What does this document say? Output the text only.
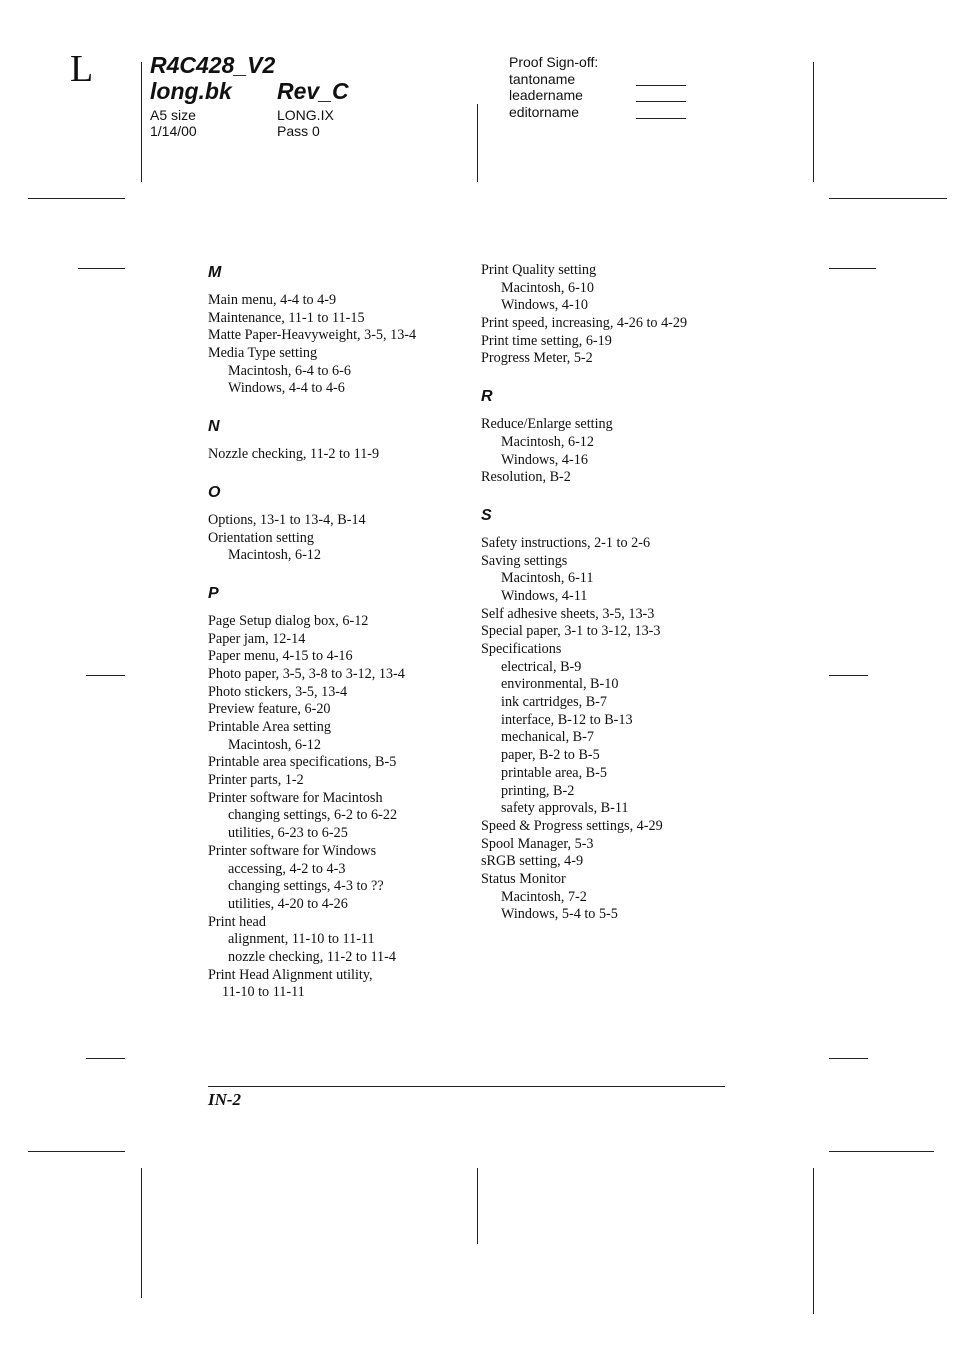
L R4C428_V2
long.bk Rev_C
A5 size
1/14/00
LONG.IX
Pass 0
Proof Sign-off:
tantoname
leadername
editorname
M
Main menu, 4-4 to 4-9
Maintenance, 11-1 to 11-15
Matte Paper-Heavyweight, 3-5, 13-4
Media Type setting
Macintosh, 6-4 to 6-6
Windows, 4-4 to 4-6
N
Nozzle checking, 11-2 to 11-9
O
Options, 13-1 to 13-4, B-14
Orientation setting
Macintosh, 6-12
P
Page Setup dialog box, 6-12
Paper jam, 12-14
Paper menu, 4-15 to 4-16
Photo paper, 3-5, 3-8 to 3-12, 13-4
Photo stickers, 3-5, 13-4
Preview feature, 6-20
Printable Area setting
Macintosh, 6-12
Printable area specifications, B-5
Printer parts, 1-2
Printer software for Macintosh
changing settings, 6-2 to 6-22
utilities, 6-23 to 6-25
Printer software for Windows
accessing, 4-2 to 4-3
changing settings, 4-3 to ??
utilities, 4-20 to 4-26
Print head
alignment, 11-10 to 11-11
nozzle checking, 11-2 to 11-4
Print Head Alignment utility,
11-10 to 11-11
Print Quality setting
Macintosh, 6-10
Windows, 4-10
Print speed, increasing, 4-26 to 4-29
Print time setting, 6-19
Progress Meter, 5-2
R
Reduce/Enlarge setting
Macintosh, 6-12
Windows, 4-16
Resolution, B-2
S
Safety instructions, 2-1 to 2-6
Saving settings
Macintosh, 6-11
Windows, 4-11
Self adhesive sheets, 3-5, 13-3
Special paper, 3-1 to 3-12, 13-3
Specifications
electrical, B-9
environmental, B-10
ink cartridges, B-7
interface, B-12 to B-13
mechanical, B-7
paper, B-2 to B-5
printable area, B-5
printing, B-2
safety approvals, B-11
Speed & Progress settings, 4-29
Spool Manager, 5-3
sRGB setting, 4-9
Status Monitor
Macintosh, 7-2
Windows, 5-4 to 5-5
IN-2
